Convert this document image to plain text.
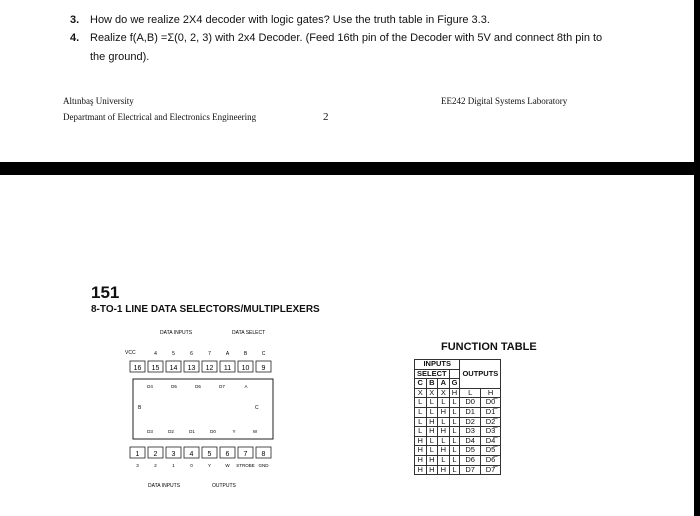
3. How do we realize 2X4 decoder with logic gates? Use the truth table in Figure 3.3.
4. Realize f(A,B) =Σ(0, 2, 3) with 2x4 Decoder. (Feed 16th pin of the Decoder with 5V and connect 8th pin to
the ground).
Altınbaş University
Departmant of Electrical and Electronics Engineering	2
EE242 Digital Systems Laboratory
151
8-TO-1 LINE DATA SELECTORS/MULTIPLEXERS
DATA INPUTS	DATA SELECT
VCC	4	5	6	7	A	B	C
16 15 14 13 12 11 10 9
D4	D5	D6	D7	A
D3	D2	D1	D0	Y	W
C
B
1 2 3 4 5 6 7 8
3	2	1	0	Y	W STROBE GND
DATA INPUTS	OUTPUTS
FUNCTION TABLE
INPUTS				OUTPUTS	
SELECT					
C	B	A	G		
X	X	X	H	L	H
L	L	L	L	D0	D0̅
L	L	H	L	D1	D1̅
L	H	L	L	D2	D2̅
L	H	H	L	D3	D3̅
H	L	L	L	D4	D4̅
H	L	H	L	D5	D5̅
H	H	L	L	D6	D6̅
H	H	H	L	D7	D7̅
